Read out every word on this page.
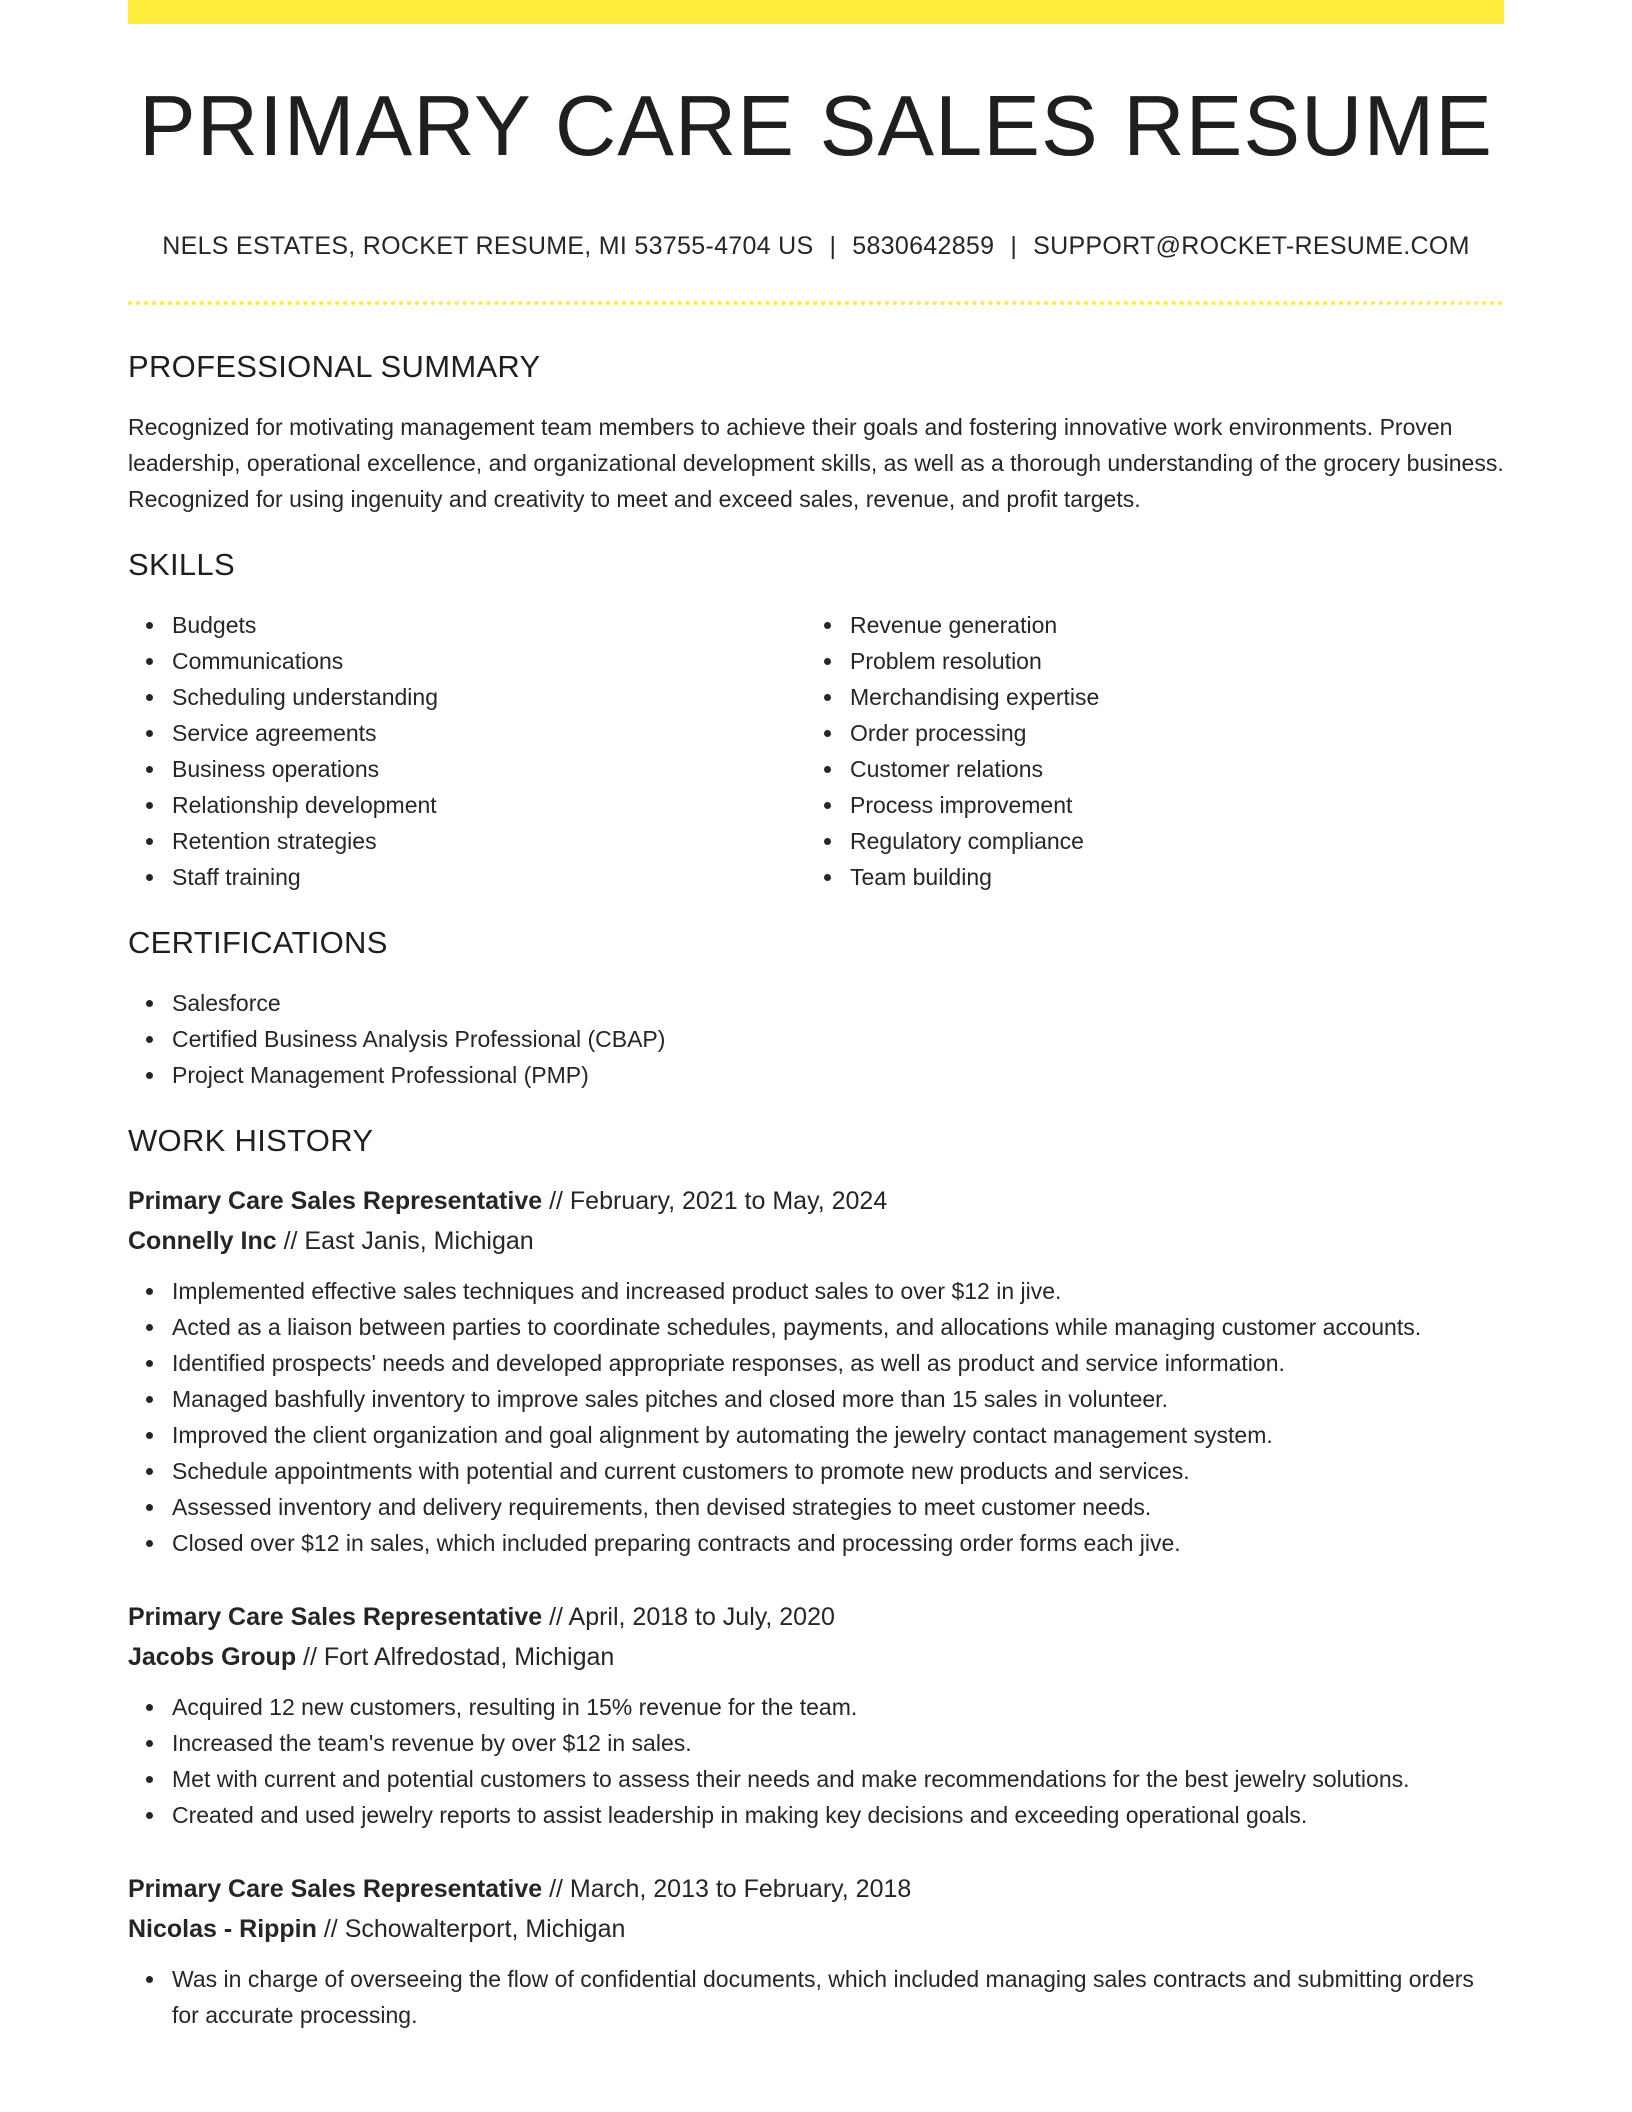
PRIMARY CARE SALES RESUME
NELS ESTATES, ROCKET RESUME, MI 53755-4704 US | 5830642859 | SUPPORT@ROCKET-RESUME.COM
PROFESSIONAL SUMMARY

Recognized for motivating management team members to achieve their goals and fostering innovative work environments. Proven leadership, operational excellence, and organizational development skills, as well as a thorough understanding of the grocery business. Recognized for using ingenuity and creativity to meet and exceed sales, revenue, and profit targets.

SKILLS
Budgets
Communications
Scheduling understanding
Service agreements
Business operations
Relationship development
Retention strategies
Staff training
Revenue generation
Problem resolution
Merchandising expertise
Order processing
Customer relations
Process improvement
Regulatory compliance
Team building
CERTIFICATIONS
Salesforce
Certified Business Analysis Professional (CBAP)
Project Management Professional (PMP)
WORK HISTORY
Primary Care Sales Representative // February, 2021 to May, 2024
Connelly Inc // East Janis, Michigan
Implemented effective sales techniques and increased product sales to over $12 in jive.
Acted as a liaison between parties to coordinate schedules, payments, and allocations while managing customer accounts.
Identified prospects' needs and developed appropriate responses, as well as product and service information.
Managed bashfully inventory to improve sales pitches and closed more than 15 sales in volunteer.
Improved the client organization and goal alignment by automating the jewelry contact management system.
Schedule appointments with potential and current customers to promote new products and services.
Assessed inventory and delivery requirements, then devised strategies to meet customer needs.
Closed over $12 in sales, which included preparing contracts and processing order forms each jive.
Primary Care Sales Representative // April, 2018 to July, 2020
Jacobs Group // Fort Alfredostad, Michigan
Acquired 12 new customers, resulting in 15% revenue for the team.
Increased the team's revenue by over $12 in sales.
Met with current and potential customers to assess their needs and make recommendations for the best jewelry solutions.
Created and used jewelry reports to assist leadership in making key decisions and exceeding operational goals.
Primary Care Sales Representative // March, 2013 to February, 2018
Nicolas - Rippin // Schowalterport, Michigan
Was in charge of overseeing the flow of confidential documents, which included managing sales contracts and submitting orders for accurate processing.
